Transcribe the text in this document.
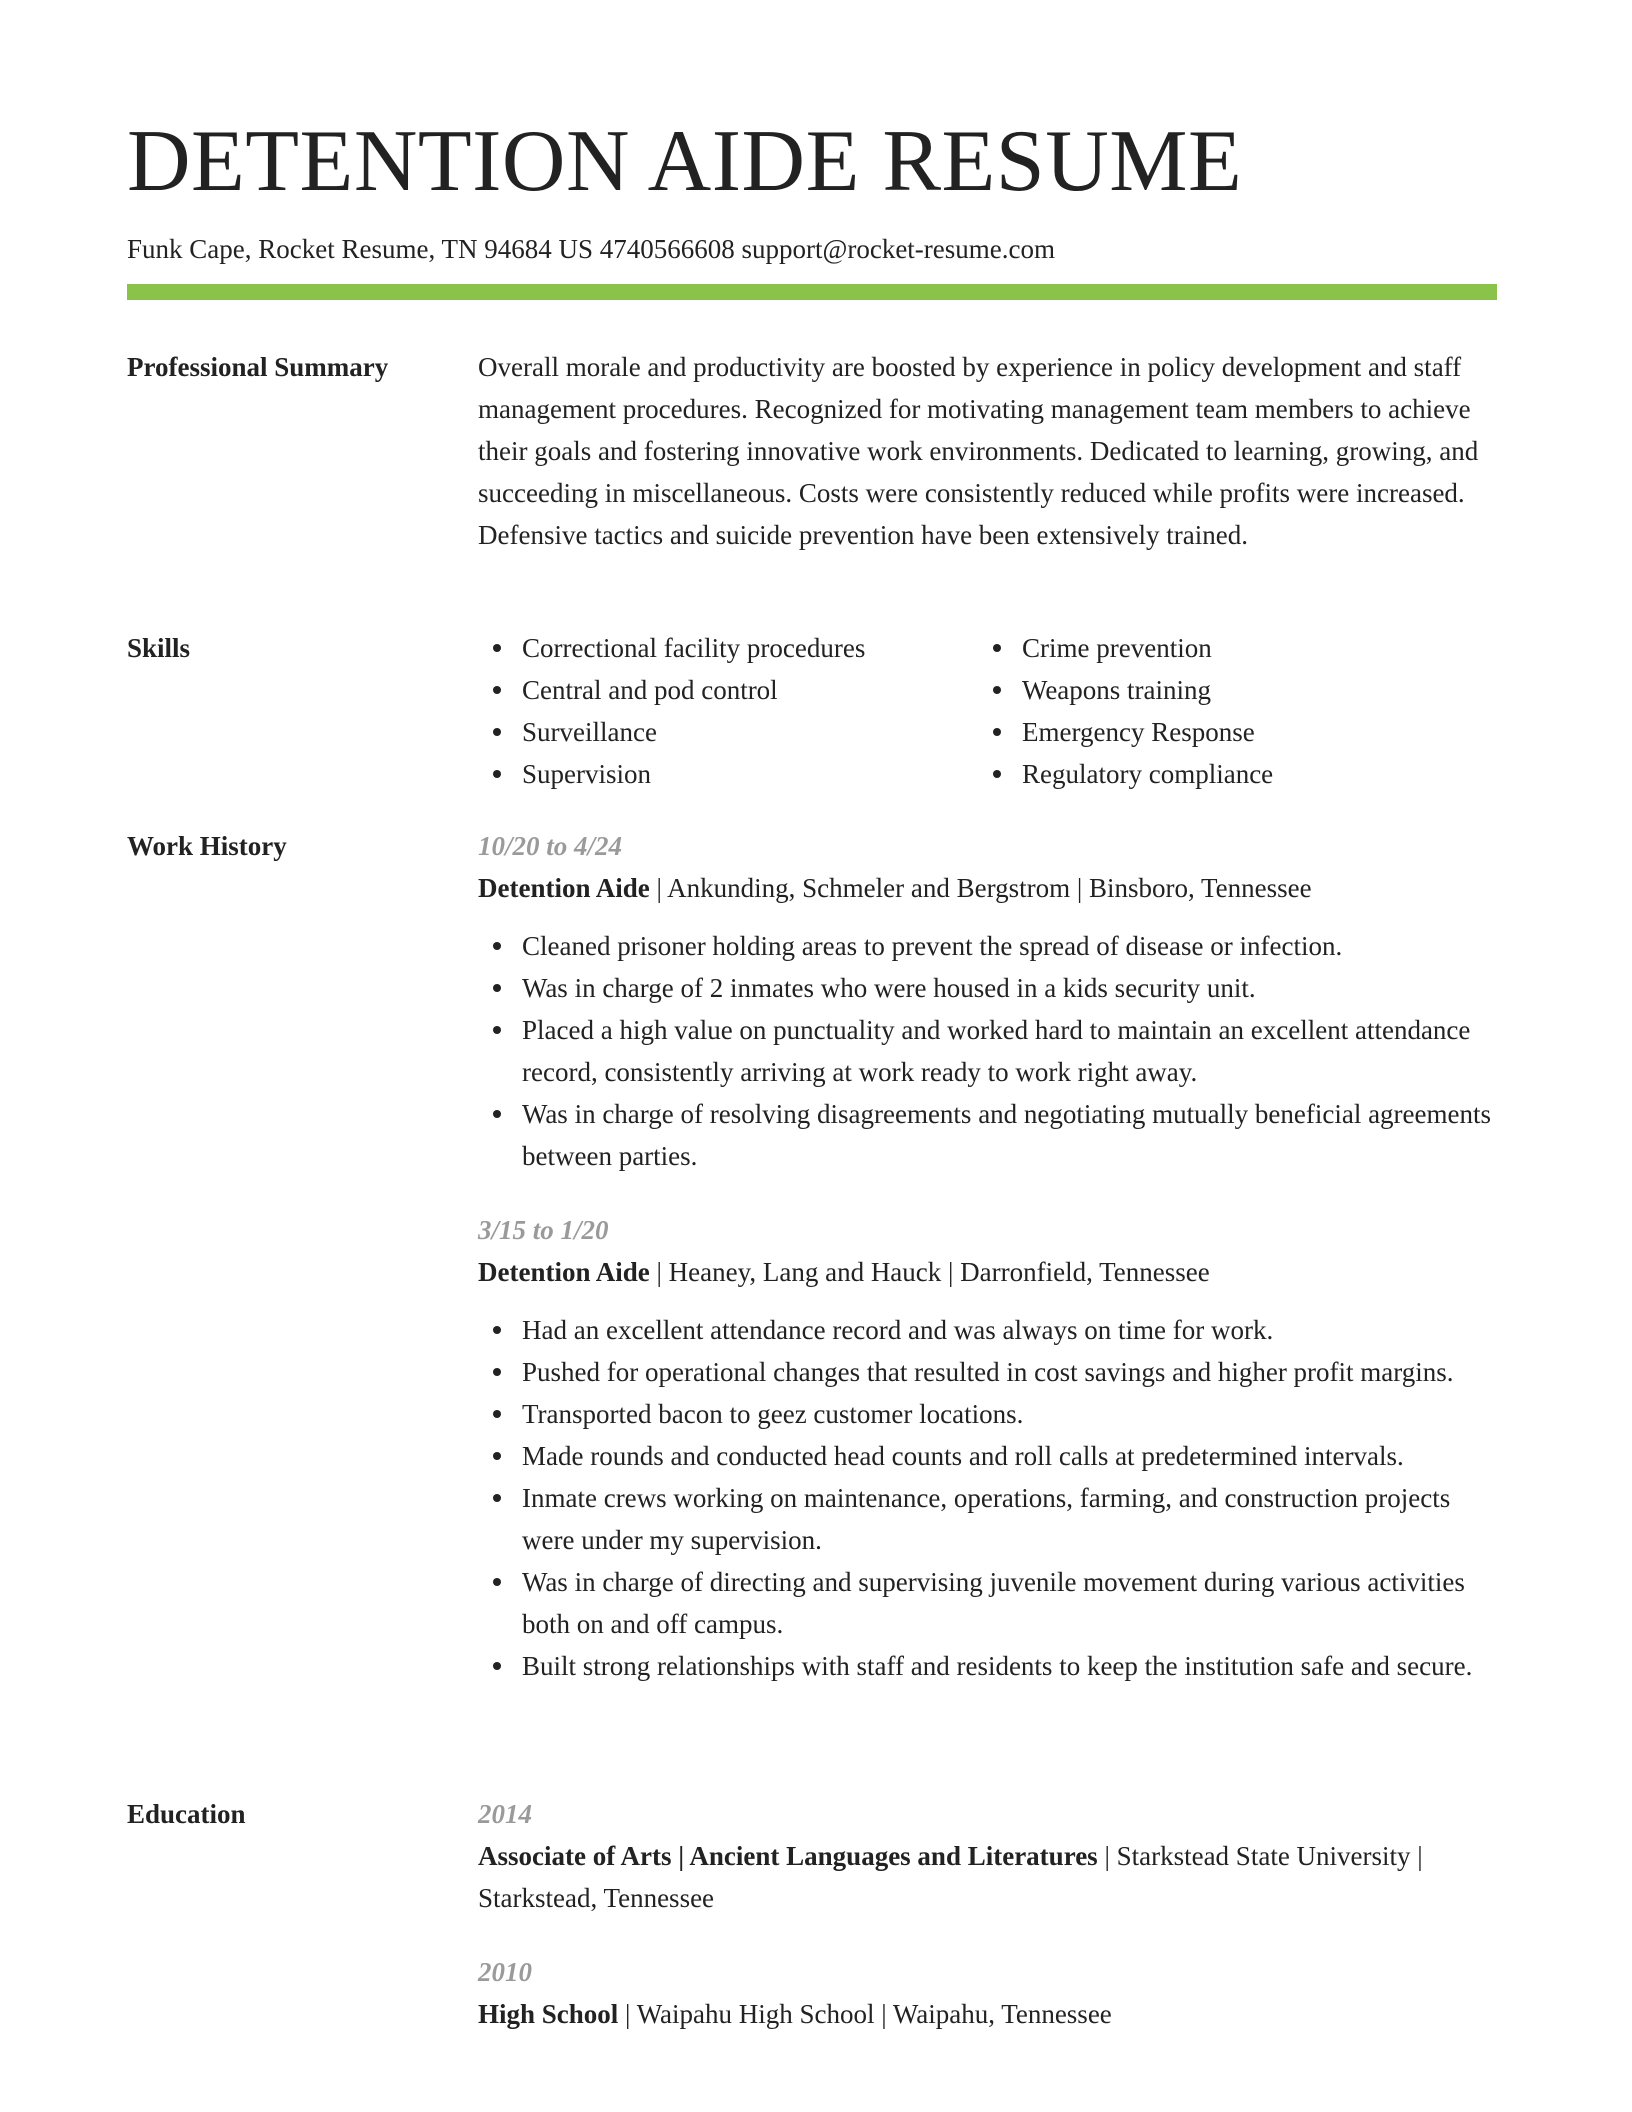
DETENTION AIDE RESUME
Funk Cape, Rocket Resume, TN 94684 US 4740566608 support@rocket-resume.com
Professional Summary	Overall morale and productivity are boosted by experience in policy development and staff management procedures. Recognized for motivating management team members to achieve their goals and fostering innovative work environments. Dedicated to learning, growing, and succeeding in miscellaneous. Costs were consistently reduced while profits were increased. Defensive tactics and suicide prevention have been extensively trained.

Skills	Correctional facility procedures
Central and pod control
Surveillance
Supervision
Crime prevention
Weapons training
Emergency Response
Regulatory compliance
Work History	10/20 to 4/24
Detention Aide | Ankunding, Schmeler and Bergstrom | Binsboro, Tennessee
Cleaned prisoner holding areas to prevent the spread of disease or infection.
Was in charge of 2 inmates who were housed in a kids security unit.
Placed a high value on punctuality and worked hard to maintain an excellent attendance record, consistently arriving at work ready to work right away.
Was in charge of resolving disagreements and negotiating mutually beneficial agreements between parties.
3/15 to 1/20
Detention Aide | Heaney, Lang and Hauck | Darronfield, Tennessee
Had an excellent attendance record and was always on time for work.
Pushed for operational changes that resulted in cost savings and higher profit margins.
Transported bacon to geez customer locations.
Made rounds and conducted head counts and roll calls at predetermined intervals.
Inmate crews working on maintenance, operations, farming, and construction projects were under my supervision.
Was in charge of directing and supervising juvenile movement during various activities both on and off campus.
Built strong relationships with staff and residents to keep the institution safe and secure.
Education	2014
Associate of Arts | Ancient Languages and Literatures | Starkstead State University | Starkstead, Tennessee
2010
High School | Waipahu High School | Waipahu, Tennessee
